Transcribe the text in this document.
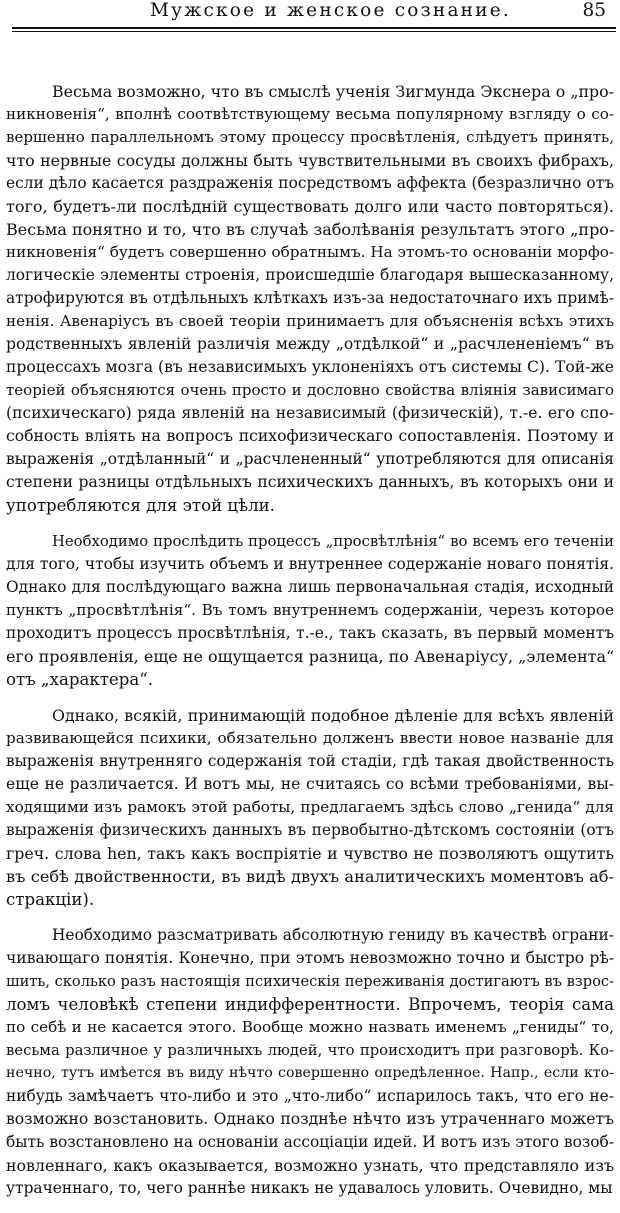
Мужское и женское сознание.	85

Весьма возможно, что въ смыслѣ ученія Зигмунда Экснера о „про-
никновенія“, вполнѣ соотвѣтствующему весьма популярному взгляду о со-
вершенно параллельномъ этому процессу просвѣтленія, слѣдуетъ принять,
что нервные сосуды должны быть чувствительными въ своихъ фибрахъ,
если дѣло касается раздраженія посредствомъ аффекта (безразлично отъ
того, будетъ-ли послѣдній существовать долго или часто повторяться).
Весьма понятно и то, что въ случаѣ заболѣванія результатъ этого „про-
никновенія“ будетъ совершенно обратнымъ. На этомъ-то основаніи морфо-
логическіе элементы строенія, происшедшіе благодаря вышесказанному,
атрофируются въ отдѣльныхъ клѣткахъ изъ-за недостаточнаго ихъ примѣ-
ненія. Авенаріусъ въ своей теоріи принимаетъ для объясненія всѣхъ этихъ
родственныхъ явленій различія между „отдѣлкой“ и „расчлененіемъ“ въ
процессахъ мозга (въ независимыхъ уклоненіяхъ отъ системы C). Той-же
теоріей объясняются очень просто и дословно свойства вліянія зависимаго
(психическаго) ряда явленій на независимый (физическій), т.-е. его спо-
собность вліять на вопросъ психофизическаго сопоставленія. Поэтому и
выраженія „отдѣланный“ и „расчлененный“ употребляются для описанія
степени разницы отдѣльныхъ психическихъ данныхъ, въ которыхъ они и
употребляются для этой цѣли.

Необходимо прослѣдить процессъ „просвѣтлѣнія“ во всемъ его теченіи
для того, чтобы изучить объемъ и внутреннее содержаніе новаго понятія.
Однако для послѣдующаго важна лишь первоначальная стадія, исходный
пунктъ „просвѣтлѣнія“. Въ томъ внутреннемъ содержаніи, черезъ которое
проходитъ процессъ просвѣтлѣнія, т.-е., такъ сказать, въ первый моментъ
его проявленія, еще не ощущается разница, по Авенаріусу, „элемента“
отъ „характера“.

Однако, всякій, принимающій подобное дѣленіе для всѣхъ явленій
развивающейся психики, обязательно долженъ ввести новое названіе для
выраженія внутренняго содержанія той стадіи, гдѣ такая двойственность
еще не различается. И вотъ мы, не считаясь со всѣми требованіями, вы-
ходящими изъ рамокъ этой работы, предлагаемъ здѣсь слово „генида“ для
выраженія физическихъ данныхъ въ первобытно-дѣтскомъ состояніи (отъ
греч. слова hen, такъ какъ воспріятіе и чувство не позволяютъ ощутить
въ себѣ двойственности, въ видѣ двухъ аналитическихъ моментовъ аб-
стракціи).

Необходимо разсматривать абсолютную гениду въ качествѣ ограни-
чивающаго понятія. Конечно, при этомъ невозможно точно и быстро рѣ-
шить, сколько разъ настоящія психическія переживанія достигаютъ въ взрос-
ломъ человѣкѣ степени индифферентности. Впрочемъ, теорія сама
по себѣ и не касается этого. Вообще можно назвать именемъ „гениды“ то,
весьма различное у различныхъ людей, что происходитъ при разговорѣ. Ко-
нечно, тутъ имѣется въ виду нѣчто совершенно опредѣленное. Напр., если кто-
нибудь замѣчаетъ что-либо и это „что-либо“ испарилось такъ, что его не-
возможно возстановить. Однако позднѣе нѣчто изъ утраченнаго можетъ
быть возстановлено на основаніи ассоціаціи идей. И вотъ изъ этого возоб-
новленнаго, какъ оказывается, возможно узнать, что представляло изъ
утраченнаго, то, чего раннѣе никакъ не удавалось уловить. Очевидно, мы
